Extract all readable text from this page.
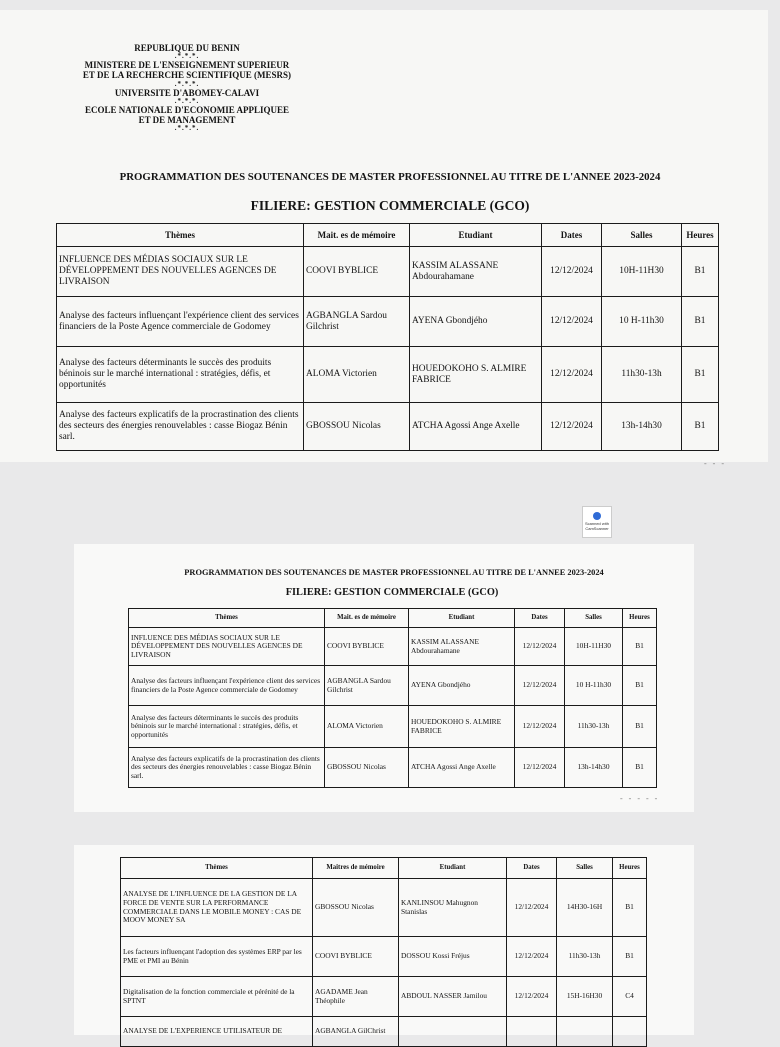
REPUBLIQUE DU BENIN
.*.*.*.
MINISTERE DE L'ENSEIGNEMENT SUPERIEUR ET DE LA RECHERCHE SCIENTIFIQUE (MESRS)
.*.*.*.
UNIVERSITE D'ABOMEY-CALAVI
.*.*.*.
ECOLE NATIONALE D'ECONOMIE APPLIQUEE ET DE MANAGEMENT
.*.*.*.
PROGRAMMATION DES SOUTENANCES DE MASTER PROFESSIONNEL AU TITRE DE L'ANNEE 2023-2024
FILIERE: GESTION COMMERCIALE (GCO)
Thèmes	Mait. es de mémoire	Etudiant	Dates	Salles	Heures
INFLUENCE DES MÉDIAS SOCIAUX SUR LE DÉVELOPPEMENT DES NOUVELLES AGENCES DE LIVRAISON	COOVI BYBLICE	KASSIM ALASSANE Abdourahamane	12/12/2024	10H-11H30	B1
Analyse des facteurs influençant l'expérience client des services financiers de la Poste Agence commerciale de Godomey	AGBANGLA Sardou Gilchrist	AYENA Gbondjého	12/12/2024	10 H-11h30	B1
Analyse des facteurs déterminants le succès des produits béninois sur le marché international : stratégies, défis, et opportunités	ALOMA Victorien	HOUEDOKOHO S. ALMIRE FABRICE	12/12/2024	11h30-13h	B1
Analyse des facteurs explicatifs de la procrastination des clients des secteurs des énergies renouvelables : casse Biogaz Bénin sarl.	GBOSSOU Nicolas	ATCHA Agossi Ange Axelle	12/12/2024	13h-14h30	B1
- - -
Scanned with
CamScanner
PROGRAMMATION DES SOUTENANCES DE MASTER PROFESSIONNEL AU TITRE DE L'ANNEE 2023-2024
FILIERE: GESTION COMMERCIALE (GCO)
Thèmes	Mait. es de mémoire	Etudiant	Dates	Salles	Heures
INFLUENCE DES MÉDIAS SOCIAUX SUR LE DÉVELOPPEMENT DES NOUVELLES AGENCES DE LIVRAISON	COOVI BYBLICE	KASSIM ALASSANE Abdourahamane	12/12/2024	10H-11H30	B1
Analyse des facteurs influençant l'expérience client des services financiers de la Poste Agence commerciale de Godomey	AGBANGLA Sardou Gilchrist	AYENA Gbondjého	12/12/2024	10 H-11h30	B1
Analyse des facteurs déterminants le succès des produits béninois sur le marché international : stratégies, défis, et opportunités	ALOMA Victorien	HOUEDOKOHO S. ALMIRE FABRICE	12/12/2024	11h30-13h	B1
Analyse des facteurs explicatifs de la procrastination des clients des secteurs des énergies renouvelables : casse Biogaz Bénin sarl.	GBOSSOU Nicolas	ATCHA Agossi Ange Axelle	12/12/2024	13h-14h30	B1
- - - - -
Thèmes	Maitres de mémoire	Etudiant	Dates	Salles	Heures
ANALYSE DE L'INFLUENCE DE LA GESTION DE LA FORCE DE VENTE SUR LA PERFORMANCE COMMERCIALE DANS LE MOBILE MONEY : CAS DE MOOV MONEY SA	GBOSSOU Nicolas	KANLINSOU Mahugnon Stanislas	12/12/2024	14H30-16H	B1
Les facteurs influençant l'adoption des systèmes ERP par les PME et PMI au Bénin	COOVI BYBLICE	DOSSOU Kossi Fréjus	12/12/2024	11h30-13h	B1
Digitalisation de la fonction commerciale et pérénité de la SPTNT	AGADAME Jean Théophile	ABDOUL NASSER Jamilou	12/12/2024	15H-16H30	C4
ANALYSE DE L'EXPERIENCE UTILISATEUR DE	AGBANGLA GilChrist				
